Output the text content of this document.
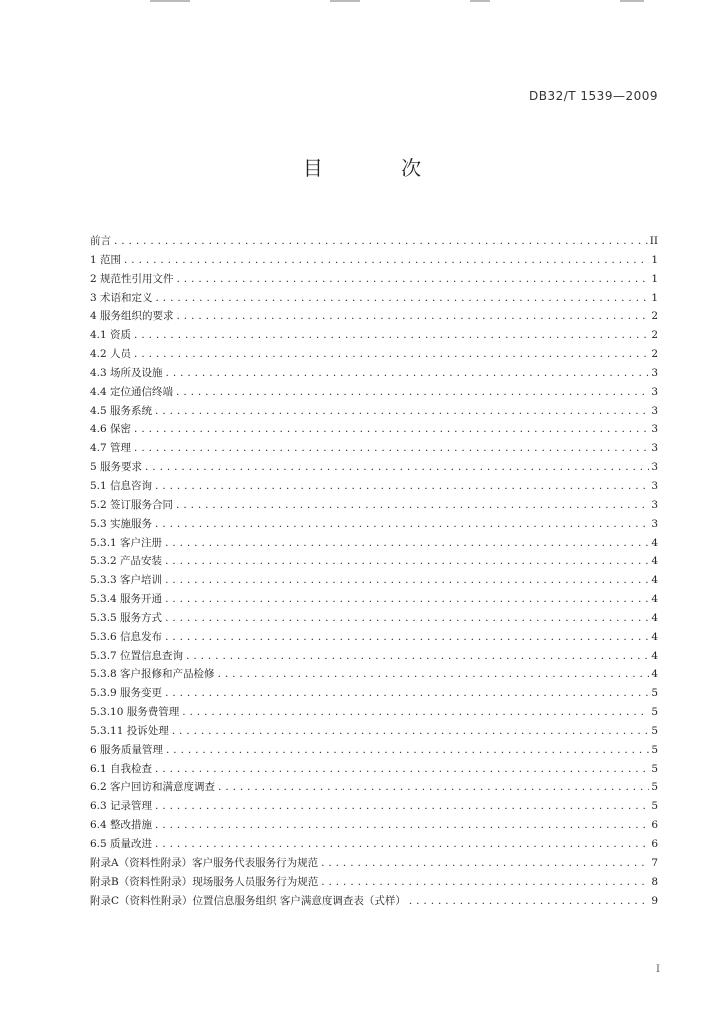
DB32/T 1539—2009
目 次
前言 . . .	II
1 范围 . . .	1
2 规范性引用文件 . . .	1
3 术语和定义 . . .	1
4 服务组织的要求 . . .	2
4.1 资质 . . .	2
4.2 人员 . . .	2
4.3 场所及设施 . . .	3
4.4 定位通信终端 . . .	3
4.5 服务系统 . . .	3
4.6 保密 . . .	3
4.7 管理 . . .	3
5 服务要求 . . .	3
5.1 信息咨询 . . .	3
5.2 签订服务合同 . . .	3
5.3 实施服务 . . .	3
5.3.1 客户注册 . . .	4
5.3.2 产品安装 . . .	4
5.3.3 客户培训 . . .	4
5.3.4 服务开通 . . .	4
5.3.5 服务方式 . . .	4
5.3.6 信息发布 . . .	4
5.3.7 位置信息查询 . . .	4
5.3.8 客户报修和产品检修 . . .	4
5.3.9 服务变更 . . .	5
5.3.10 服务费管理 . . .	5
5.3.11 投诉处理 . . .	5
6 服务质量管理 . . .	5
6.1 自我检查 . . .	5
6.2 客户回访和满意度调查 . . .	5
6.3 记录管理 . . .	5
6.4 整改措施 . . .	6
6.5 质量改进 . . .	6
附录A（资料性附录）客户服务代表服务行为规范 . . .	7
附录B（资料性附录）现场服务人员服务行为规范 . . .	8
附录C（资料性附录）位置信息服务组织 客户满意度调查表（式样） . . .	9
I
